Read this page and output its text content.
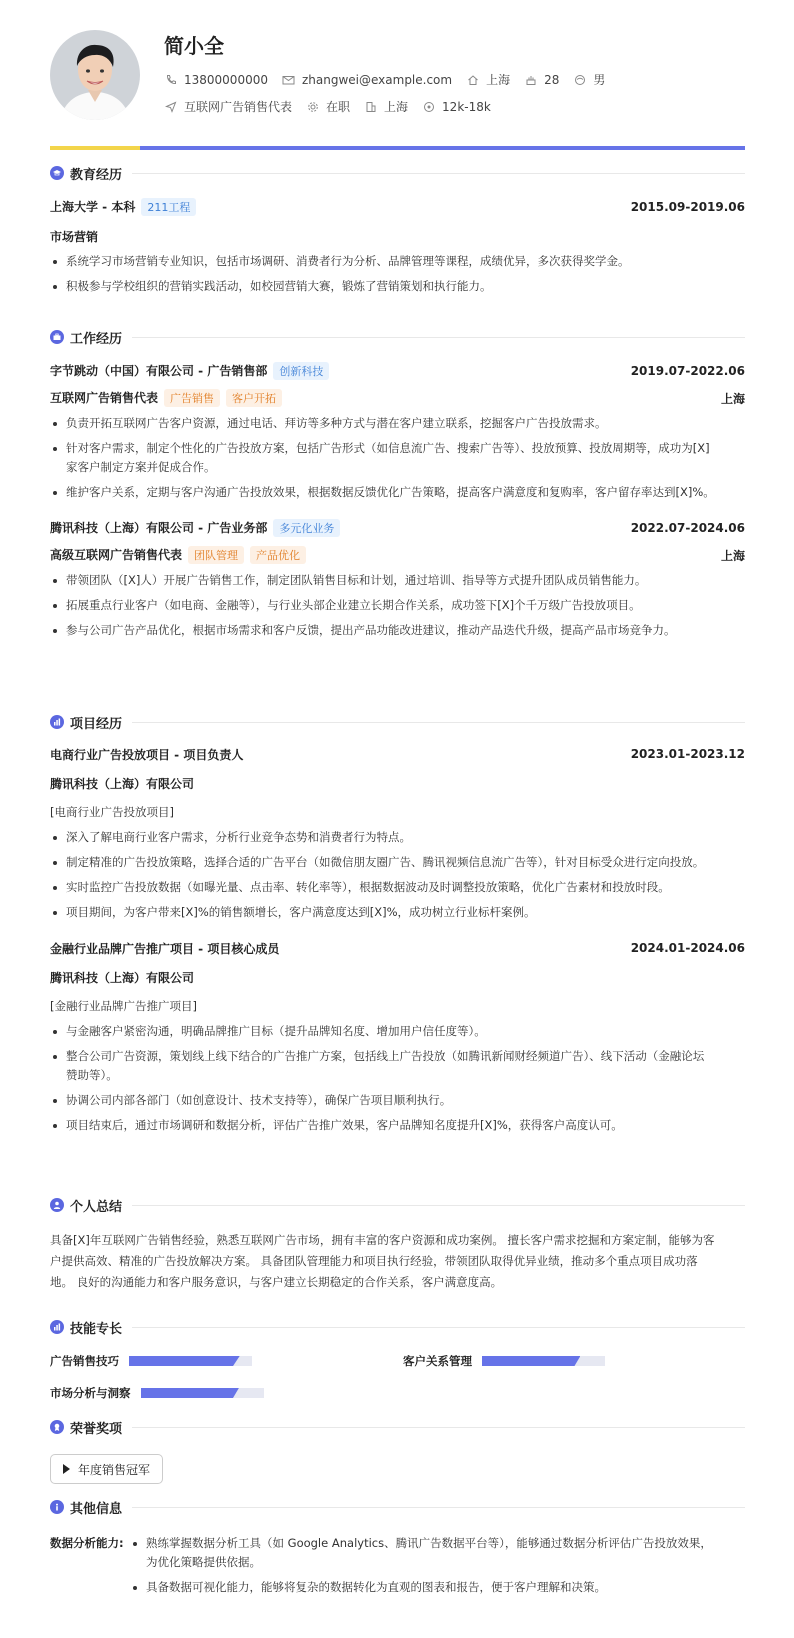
简小全
13800000000	zhangwei@example.com	上海	28	男
互联网广告销售代表	在职	上海	12k-18k
教育经历
上海大学 - 本科 211工程	2015.09-2019.06
市场营销
系统学习市场营销专业知识，包括市场调研、消费者行为分析、品牌管理等课程，成绩优异，多次获得奖学金。
积极参与学校组织的营销实践活动，如校园营销大赛，锻炼了营销策划和执行能力。
工作经历
字节跳动（中国）有限公司 - 广告销售部 创新科技	2019.07-2022.06
互联网广告销售代表 广告销售 客户开拓	上海
负责开拓互联网广告客户资源，通过电话、拜访等多种方式与潜在客户建立联系，挖掘客户广告投放需求。
针对客户需求，制定个性化的广告投放方案，包括广告形式（如信息流广告、搜索广告等）、投放预算、投放周期等，成功为[X]
家客户制定方案并促成合作。
维护客户关系，定期与客户沟通广告投放效果，根据数据反馈优化广告策略，提高客户满意度和复购率，客户留存率达到[X]%。
腾讯科技（上海）有限公司 - 广告业务部 多元化业务	2022.07-2024.06
高级互联网广告销售代表 团队管理 产品优化	上海
带领团队（[X]人）开展广告销售工作，制定团队销售目标和计划，通过培训、指导等方式提升团队成员销售能力。
拓展重点行业客户（如电商、金融等），与行业头部企业建立长期合作关系，成功签下[X]个千万级广告投放项目。
参与公司广告产品优化，根据市场需求和客户反馈，提出产品功能改进建议，推动产品迭代升级，提高产品市场竞争力。
项目经历
电商行业广告投放项目 - 项目负责人	2023.01-2023.12
腾讯科技（上海）有限公司
[电商行业广告投放项目]
深入了解电商行业客户需求，分析行业竞争态势和消费者行为特点。
制定精准的广告投放策略，选择合适的广告平台（如微信朋友圈广告、腾讯视频信息流广告等），针对目标受众进行定向投放。
实时监控广告投放数据（如曝光量、点击率、转化率等），根据数据波动及时调整投放策略，优化广告素材和投放时段。
项目期间，为客户带来[X]%的销售额增长，客户满意度达到[X]%，成功树立行业标杆案例。
金融行业品牌广告推广项目 - 项目核心成员	2024.01-2024.06
腾讯科技（上海）有限公司
[金融行业品牌广告推广项目]
与金融客户紧密沟通，明确品牌推广目标（提升品牌知名度、增加用户信任度等）。
整合公司广告资源，策划线上线下结合的广告推广方案，包括线上广告投放（如腾讯新闻财经频道广告）、线下活动（金融论坛
赞助等）。
协调公司内部各部门（如创意设计、技术支持等），确保广告项目顺利执行。
项目结束后，通过市场调研和数据分析，评估广告推广效果，客户品牌知名度提升[X]%，获得客户高度认可。
个人总结
具备[X]年互联网广告销售经验，熟悉互联网广告市场，拥有丰富的客户资源和成功案例。 擅长客户需求挖掘和方案定制，能够为客
户提供高效、精准的广告投放解决方案。 具备团队管理能力和项目执行经验，带领团队取得优异业绩，推动多个重点项目成功落
地。 良好的沟通能力和客户服务意识，与客户建立长期稳定的合作关系，客户满意度高。
技能专长
广告销售技巧	客户关系管理
市场分析与洞察
荣誉奖项
年度销售冠军
其他信息
数据分析能力:	熟练掌握数据分析工具（如 Google Analytics、腾讯广告数据平台等），能够通过数据分析评估广告投放效果，
为优化策略提供依据。
具备数据可视化能力，能够将复杂的数据转化为直观的图表和报告，便于客户理解和决策。
